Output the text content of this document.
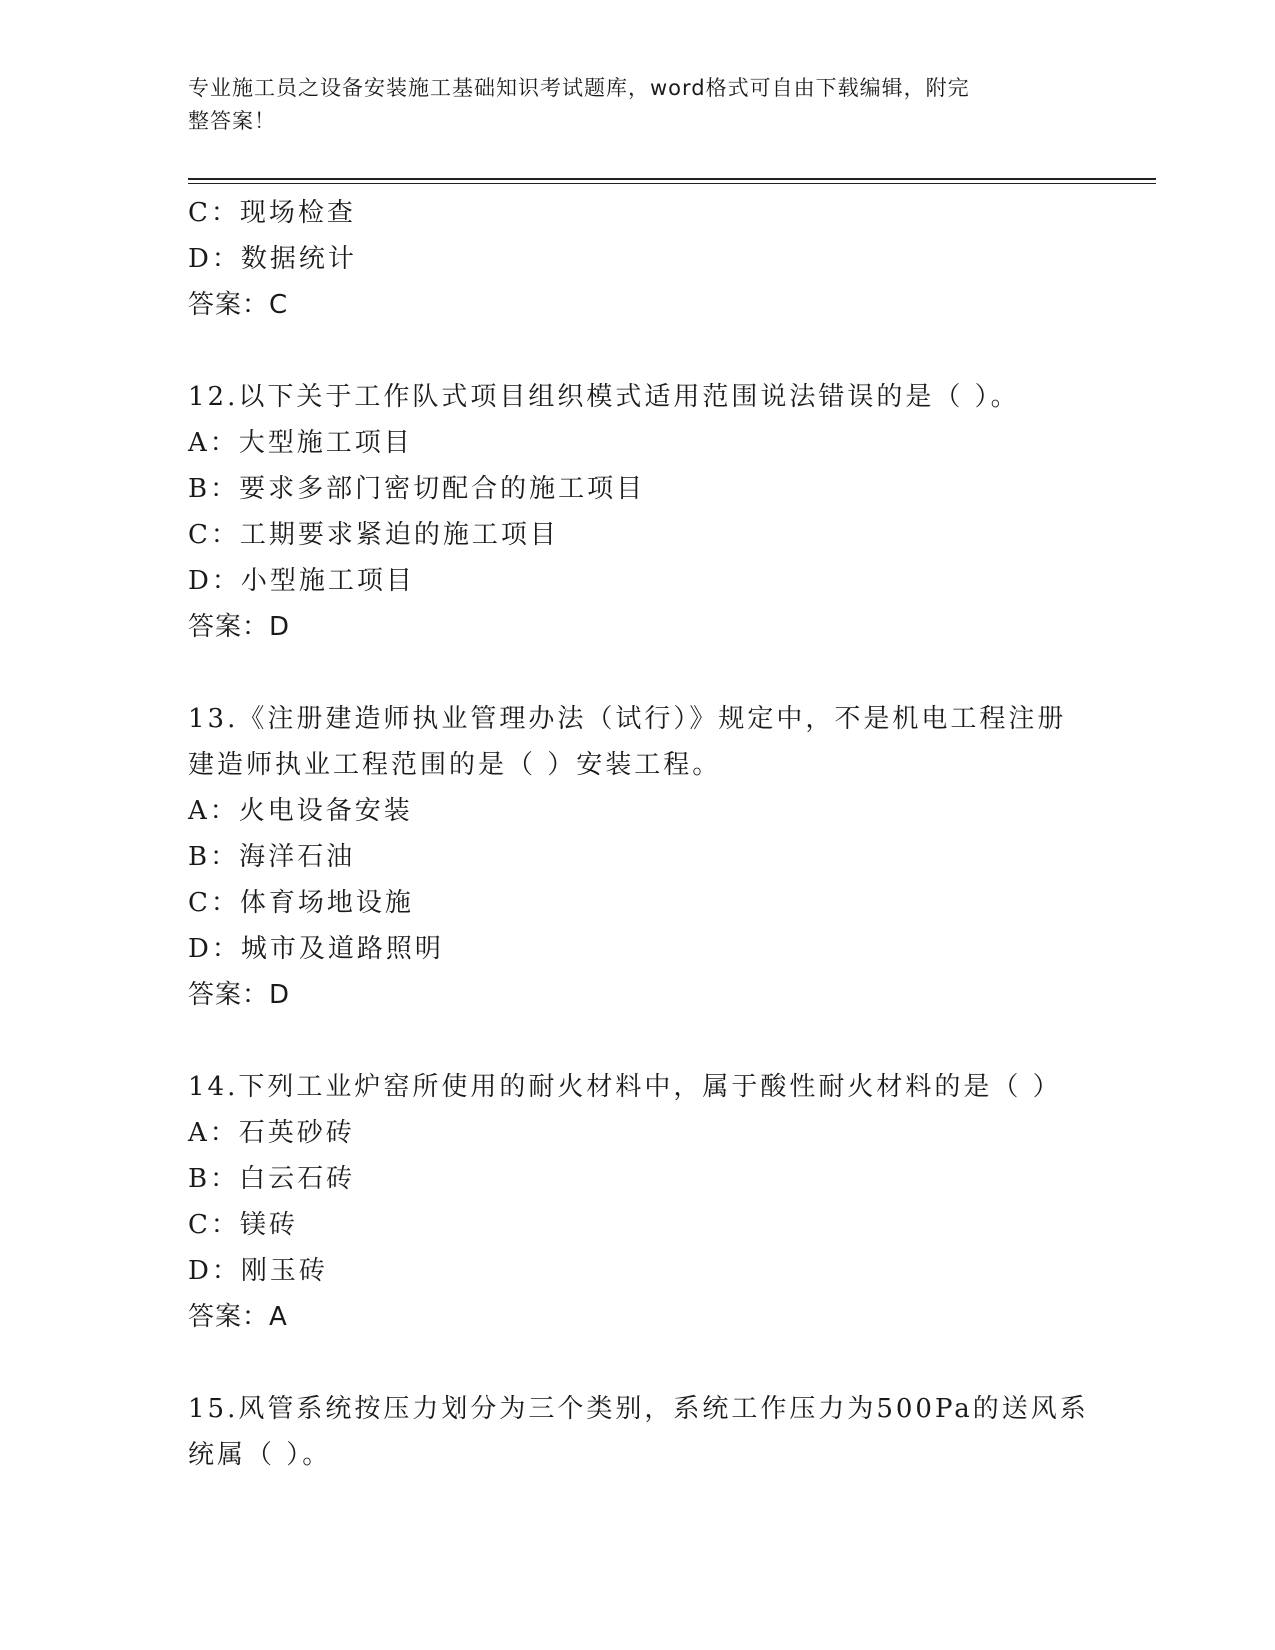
专业施工员之设备安装施工基础知识考试题库，word格式可自由下载编辑，附完
整答案！
C：现场检查
D：数据统计
答案：C
12.以下关于工作队式项目组织模式适用范围说法错误的是（ ）。
A：大型施工项目
B：要求多部门密切配合的施工项目
C：工期要求紧迫的施工项目
D：小型施工项目
答案：D
13.《注册建造师执业管理办法（试行）》规定中，不是机电工程注册
建造师执业工程范围的是（ ）安装工程。
A：火电设备安装
B：海洋石油
C：体育场地设施
D：城市及道路照明
答案：D
14.下列工业炉窑所使用的耐火材料中，属于酸性耐火材料的是（ ）
A：石英砂砖
B：白云石砖
C：镁砖
D：刚玉砖
答案：A
15.风管系统按压力划分为三个类别，系统工作压力为500Pa的送风系
统属（ ）。
